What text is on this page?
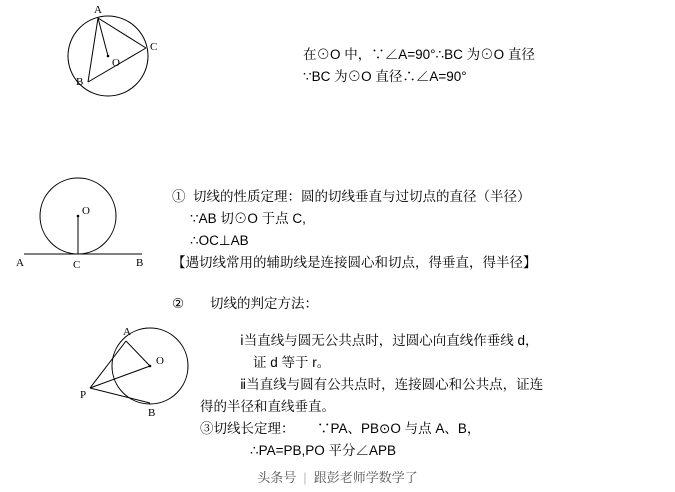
A
C
B
O
在⊙O 中，∵∠A=90°∴BC 为⊙O 直径
∵BC 为⊙O 直径∴∠A=90°
O
A	C	B
①  切线的性质定理：圆的切线垂直与过切点的直径（半径）
∵AB 切⊙O 于点 C,
∴OC⊥AB
【遇切线常用的辅助线是连接圆心和切点，得垂直，得半径】
A
O
P
B
② 切线的判定方法：
ⅰ当直线与圆无公共点时，过圆心向直线作垂线 d，
证 d 等于 r。
ⅱ当直线与圆有公共点时，连接圆心和公共点，证连
得的半径和直线垂直。
③切线长定理：      ∵PA、PB⊙O 与点 A、B，
∴PA=PB,PO 平分∠APB
头条号 | 跟彭老师学数学了
